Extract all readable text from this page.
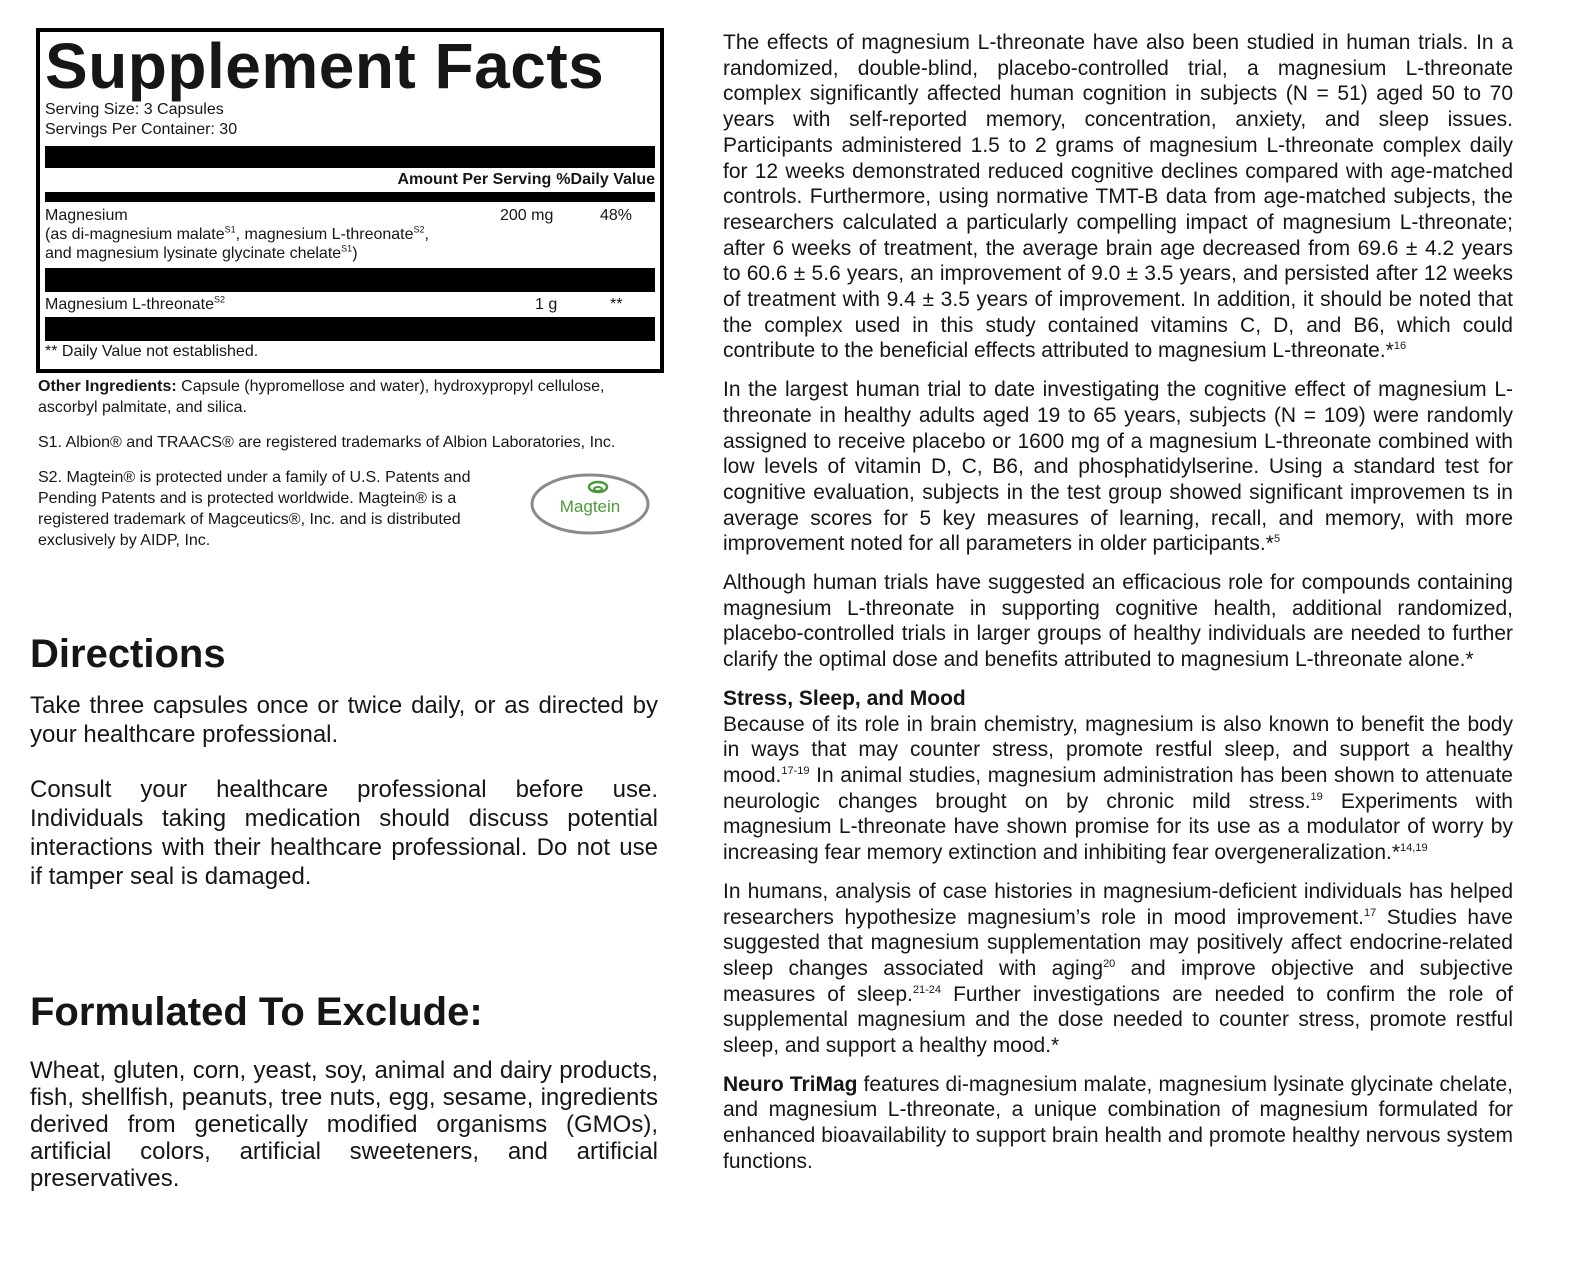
Supplement Facts
Serving Size: 3 Capsules
Servings Per Container: 30
Amount Per Serving %Daily Value
Magnesium
(as di-magnesium malate$^{S1}$, magnesium L-threonate$^{S2}$,
and magnesium lysinate glycinate chelate$^{S1}$)
200 mg	48%
Magnesium L-threonate$^{S2}$	1 g	**
** Daily Value not established.

Other Ingredients: Capsule (hypromellose and water), hydroxypropyl cellulose, ascorbyl palmitate, and silica.

S1. Albion® and TRAACS® are registered trademarks of Albion Laboratories, Inc.

S2. Magtein® is protected under a family of U.S. Patents and Pending Patents and is protected worldwide. Magtein® is a registered trademark of Magceutics®, Inc. and is distributed exclusively by AIDP, Inc.
Magtein
Directions

Take three capsules once or twice daily, or as directed by your healthcare professional.

Consult your healthcare professional before use. Individuals taking medication should discuss potential interactions with their healthcare professional. Do not use if tamper seal is damaged.

Formulated To Exclude:

Wheat, gluten, corn, yeast, soy, animal and dairy products, fish, shellfish, peanuts, tree nuts, egg, sesame, ingredients derived from genetically modified organisms (GMOs), artificial colors, artificial sweeteners, and artificial preservatives.

The effects of magnesium L-threonate have also been studied in human trials. In a randomized, double-blind, placebo-controlled trial, a magnesium L-threonate complex significantly affected human cognition in subjects (N = 51) aged 50 to 70 years with self-reported memory, concentration, anxiety, and sleep issues. Participants administered 1.5 to 2 grams of magnesium L-threonate complex daily for 12 weeks demonstrated reduced cognitive declines compared with age-matched controls. Furthermore, using normative TMT-B data from age-matched subjects, the researchers calculated a particularly compelling impact of magnesium L-threonate; after 6 weeks of treatment, the average brain age decreased from 69.6 ± 4.2 years to 60.6 ± 5.6 years, an improvement of 9.0 ± 3.5 years, and persisted after 12 weeks of treatment with 9.4 ± 3.5 years of improvement. In addition, it should be noted that the complex used in this study contained vitamins C, D, and B6, which could contribute to the beneficial effects attributed to magnesium L-threonate.*$^{16}$

In the largest human trial to date investigating the cognitive effect of magnesium L-threonate in healthy adults aged 19 to 65 years, subjects (N = 109) were randomly assigned to receive placebo or 1600 mg of a magnesium L-threonate combined with low levels of vitamin D, C, B6, and phosphatidylserine. Using a standard test for cognitive evaluation, subjects in the test group showed significant improvemen ts in average scores for 5 key measures of learning, recall, and memory, with more improvement noted for all parameters in older participants.*$^5$

Although human trials have suggested an efficacious role for compounds containing magnesium L-threonate in supporting cognitive health, additional randomized, placebo-controlled trials in larger groups of healthy individuals are needed to further clarify the optimal dose and benefits attributed to magnesium L-threonate alone.*

Stress, Sleep, and Mood

Because of its role in brain chemistry, magnesium is also known to benefit the body in ways that may counter stress, promote restful sleep, and support a healthy mood.$^{17-19}$ In animal studies, magnesium administration has been shown to attenuate neurologic changes brought on by chronic mild stress.$^{19}$ Experiments with magnesium L-threonate have shown promise for its use as a modulator of worry by increasing fear memory extinction and inhibiting fear overgeneralization.*$^{14,19}$

In humans, analysis of case histories in magnesium-deficient individuals has helped researchers hypothesize magnesium’s role in mood improvement.$^{17}$ Studies have suggested that magnesium supplementation may positively affect endocrine-related sleep changes associated with aging$^{20}$ and improve objective and subjective measures of sleep.$^{21-24}$ Further investigations are needed to confirm the role of supplemental magnesium and the dose needed to counter stress, promote restful sleep, and support a healthy mood.*

Neuro TriMag features di-magnesium malate, magnesium lysinate glycinate chelate, and magnesium L-threonate, a unique combination of magnesium formulated for enhanced bioavailability to support brain health and promote healthy nervous system functions.
